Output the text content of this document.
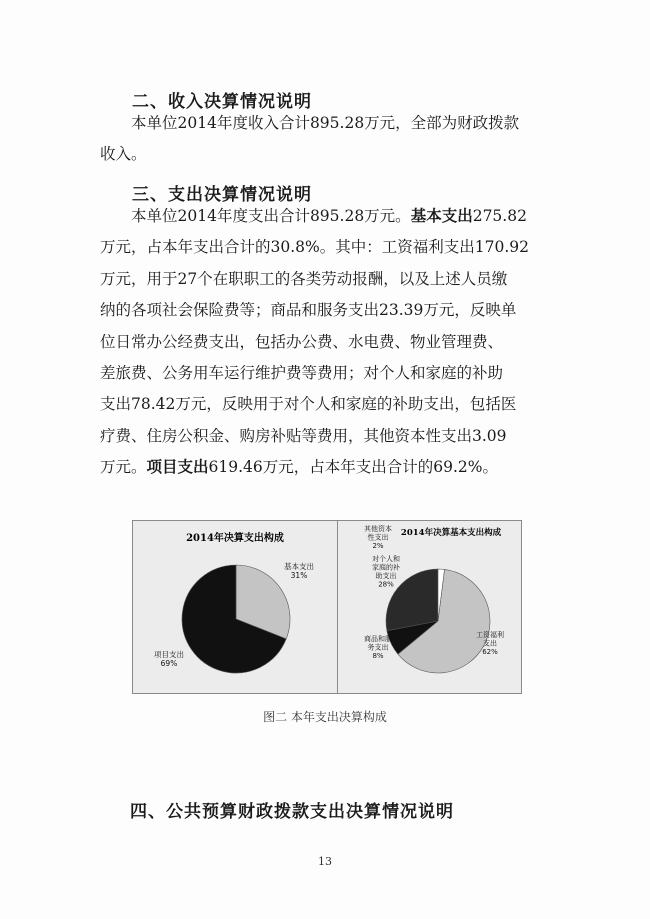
二、收入决算情况说明
本单位2014年度收入合计895.28万元，全部为财政拨款
收入。
三、支出决算情况说明
本单位2014年度支出合计895.28万元。基本支出275.82
万元，占本年支出合计的30.8%。其中：工资福利支出170.92
万元，用于27个在职职工的各类劳动报酬，以及上述人员缴
纳的各项社会保险费等；商品和服务支出23.39万元，反映单
位日常办公经费支出，包括办公费、水电费、物业管理费、
差旅费、公务用车运行维护费等费用；对个人和家庭的补助
支出78.42万元，反映用于对个人和家庭的补助支出，包括医
疗费、住房公积金、购房补贴等费用，其他资本性支出3.09
万元。项目支出619.46万元，占本年支出合计的69.2%。
2014年决算支出构成
基本支出 31%
项目支出 69%
2014年决算基本支出构成
工资福利支出 62%
商品和服务支出 8%
对个人和家庭的补助支出 28%
其他资本性支出 2%
图二 本年支出决算构成
四、公共预算财政拨款支出决算情况说明
13
